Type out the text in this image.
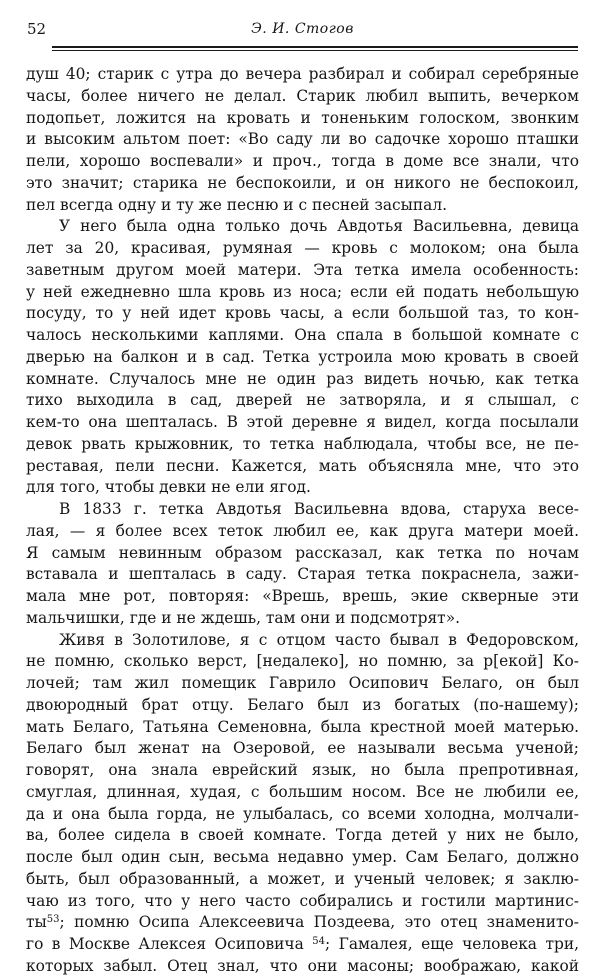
52	Э. И. Стогов
душ 40; старик с утра до вечера разбирал и собирал серебряные
часы, более ничего не делал. Старик любил выпить, вечерком
подопьет, ложится на кровать и тоненьким голоском, звонким
и высоким альтом поет: «Во саду ли во садочке хорошо пташки
пели, хорошо воспевали» и проч., тогда в доме все знали, что
это значит; старика не беспокоили, и он никого не беспокоил,
пел всегда одну и ту же песню и с песней засыпал.
У него была одна только дочь Авдотья Васильевна, девица
лет за 20, красивая, румяная — кровь с молоком; она была
заветным другом моей матери. Эта тетка имела особенность:
у ней ежедневно шла кровь из носа; если ей подать небольшую
посуду, то у ней идет кровь часы, а если большой таз, то кон-
чалось несколькими каплями. Она спала в большой комнате с
дверью на балкон и в сад. Тетка устроила мою кровать в своей
комнате. Случалось мне не один раз видеть ночью, как тетка
тихо выходила в сад, дверей не затворяла, и я слышал, с
кем-то она шепталась. В этой деревне я видел, когда посылали
девок рвать крыжовник, то тетка наблюдала, чтобы все, не пе-
реставая, пели песни. Кажется, мать объясняла мне, что это
для того, чтобы девки не ели ягод.
В 1833 г. тетка Авдотья Васильевна вдова, старуха весе-
лая, — я более всех теток любил ее, как друга матери моей.
Я самым невинным образом рассказал, как тетка по ночам
вставала и шепталась в саду. Старая тетка покраснела, зажи-
мала мне рот, повторяя: «Врешь, врешь, экие скверные эти
мальчишки, где и не ждешь, там они и подсмотрят».
Живя в Золотилове, я с отцом часто бывал в Федоровском,
не помню, сколько верст, [недалеко], но помню, за р[екой] Ко-
лочей; там жил помещик Гаврило Осипович Белаго, он был
двоюродный брат отцу. Белаго был из богатых (по-нашему);
мать Белаго, Татьяна Семеновна, была крестной моей матерью.
Белаго был женат на Озеровой, ее называли весьма ученой;
говорят, она знала еврейский язык, но была препротивная,
смуглая, длинная, худая, с большим носом. Все не любили ее,
да и она была горда, не улыбалась, со всеми холодна, молчали-
ва, более сидела в своей комнате. Тогда детей у них не было,
после был один сын, весьма недавно умер. Сам Белаго, должно
быть, был образованный, а может, и ученый человек; я заклю-
чаю из того, что у него часто собирались и гостили мартинис-
$ты^{53}$; помню Осипа Алексеевича Поздеева, это отец знаменито-
го в Москве Алексея Осиповича $^{54}$; Гамалея, еще человека три,
которых забыл. Отец знал, что они масоны; воображаю, какой
